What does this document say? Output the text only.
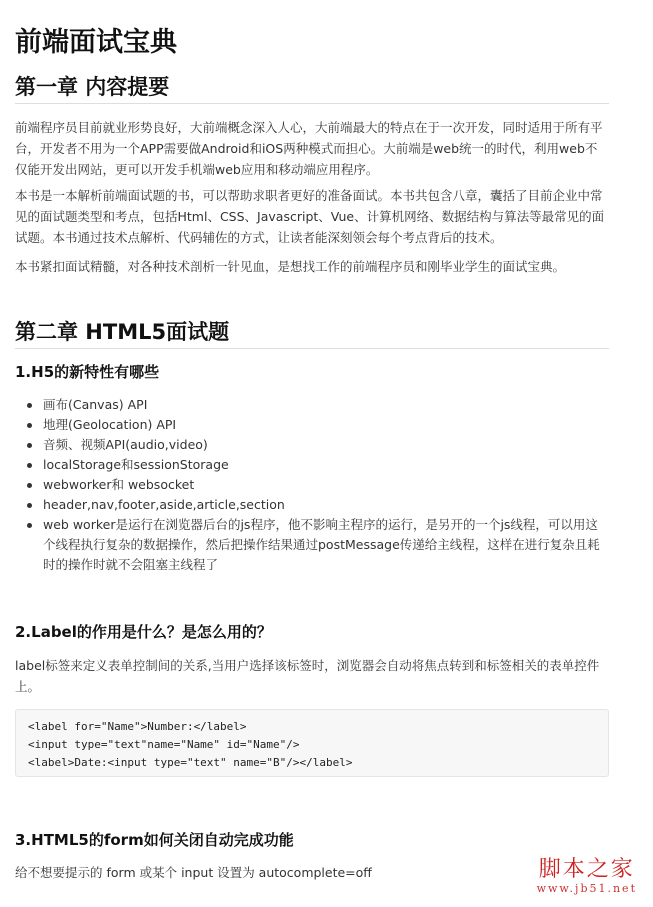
前端面试宝典
第一章 内容提要
前端程序员目前就业形势良好，大前端概念深入人心，大前端最大的特点在于一次开发，同时适用于所有平台，开发者不用为一个APP需要做Android和iOS两种模式而担心。大前端是web统一的时代，利用web不仅能开发出网站，更可以开发手机端web应用和移动端应用程序。
本书是一本解析前端面试题的书，可以帮助求职者更好的准备面试。本书共包含八章，囊括了目前企业中常见的面试题类型和考点，包括Html、CSS、Javascript、Vue、计算机网络、数据结构与算法等最常见的面试题。本书通过技术点解析、代码辅佐的方式，让读者能深刻领会每个考点背后的技术。
本书紧扣面试精髓，对各种技术剖析一针见血，是想找工作的前端程序员和刚毕业学生的面试宝典。
第二章 HTML5面试题
1.H5的新特性有哪些
画布(Canvas) API
地理(Geolocation) API
音频、视频API(audio,video)
localStorage和sessionStorage
webworker和 websocket
header,nav,footer,aside,article,section
web worker是运行在浏览器后台的js程序，他不影响主程序的运行，是另开的一个js线程，可以用这个线程执行复杂的数据操作，然后把操作结果通过postMessage传递给主线程，这样在进行复杂且耗时的操作时就不会阻塞主线程了
2.Label的作用是什么？是怎么用的？
label标签来定义表单控制间的关系,当用户选择该标签时，浏览器会自动将焦点转到和标签相关的表单控件上。
<label for="Name">Number:</label>
<input type="text"name="Name" id="Name"/>
<label>Date:<input type="text" name="B"/></label>
3.HTML5的form如何关闭自动完成功能
给不想要提示的 form 或某个 input 设置为 autocomplete=off	脚本之家
www.jb51.net
